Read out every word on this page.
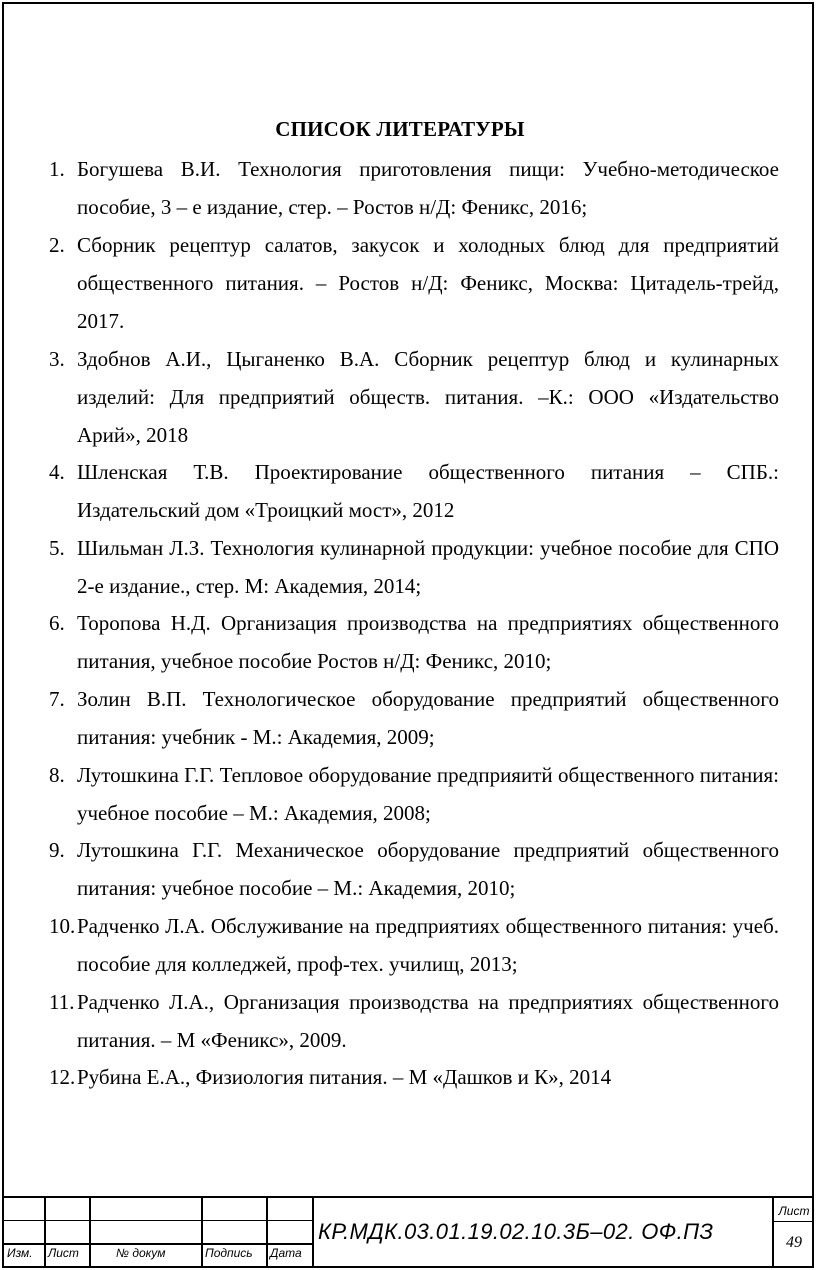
СПИСОК ЛИТЕРАТУРЫ
1. Богушева В.И. Технология приготовления пищи: Учебно-методическое пособие, 3 – е издание, стер. – Ростов н/Д: Феникс, 2016;
2. Сборник рецептур салатов, закусок и холодных блюд для предприятий общественного питания. – Ростов н/Д: Феникс, Москва: Цитадель-трейд, 2017.
3. Здобнов А.И., Цыганенко В.А. Сборник рецептур блюд и кулинарных изделий: Для предприятий обществ. питания. –К.: ООО «Издательство Арий», 2018
4. Шленская Т.В. Проектирование общественного питания – СПБ.: Издательский дом «Троицкий мост», 2012
5. Шильман Л.З. Технология кулинарной продукции: учебное пособие для СПО 2-е издание., стер. М: Академия, 2014;
6. Торопова Н.Д. Организация производства на предприятиях общественного питания, учебное пособие Ростов н/Д: Феникс, 2010;
7. Золин В.П. Технологическое оборудование предприятий общественного питания: учебник - М.: Академия, 2009;
8. Лутошкина Г.Г. Тепловое оборудование предприяитй общественного питания: учебное пособие – М.: Академия, 2008;
9. Лутошкина Г.Г. Механическое оборудование предприятий общественного питания: учебное пособие – М.: Академия, 2010;
10. Радченко Л.А. Обслуживание на предприятиях общественного питания: учеб. пособие для колледжей, проф-тех. училищ, 2013;
11. Радченко Л.А., Организация производства на предприятиях общественного питания. – М «Феникс», 2009.
12. Рубина Е.А., Физиология питания. – М «Дашков и К», 2014
Изм. Лист	№ докум	Подпись Дата
КР.МДК.03.01.19.02.10.3Б–02. ОФ.ПЗ
Лист
49
